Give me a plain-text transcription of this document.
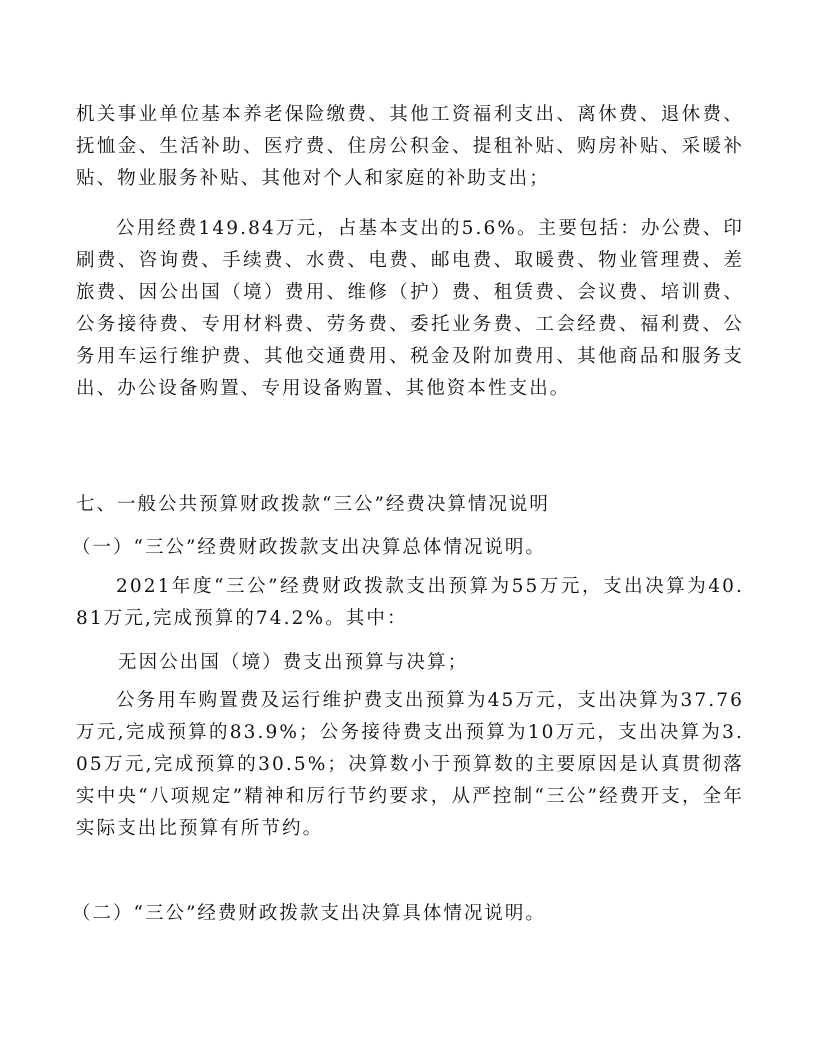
机关事业单位基本养老保险缴费、其他工资福利支出、离休费、退休费、抚恤金、生活补助、医疗费、住房公积金、提租补贴、购房补贴、采暖补贴、物业服务补贴、其他对个人和家庭的补助支出；

公用经费149.84万元，占基本支出的5.6%。主要包括：办公费、印刷费、咨询费、手续费、水费、电费、邮电费、取暖费、物业管理费、差旅费、因公出国（境）费用、维修（护）费、租赁费、会议费、培训费、公务接待费、专用材料费、劳务费、委托业务费、工会经费、福利费、公务用车运行维护费、其他交通费用、税金及附加费用、其他商品和服务支出、办公设备购置、专用设备购置、其他资本性支出。

七、一般公共预算财政拨款“三公”经费决算情况说明

（一）“三公”经费财政拨款支出决算总体情况说明。

2021年度“三公”经费财政拨款支出预算为55万元，支出决算为40.81万元,完成预算的74.2%。其中：

无因公出国（境）费支出预算与决算；

公务用车购置费及运行维护费支出预算为45万元，支出决算为37.76万元,完成预算的83.9%；公务接待费支出预算为10万元，支出决算为3.05万元,完成预算的30.5%；决算数小于预算数的主要原因是认真贯彻落实中央“八项规定”精神和厉行节约要求，从严控制“三公”经费开支，全年实际支出比预算有所节约。

（二）“三公”经费财政拨款支出决算具体情况说明。
